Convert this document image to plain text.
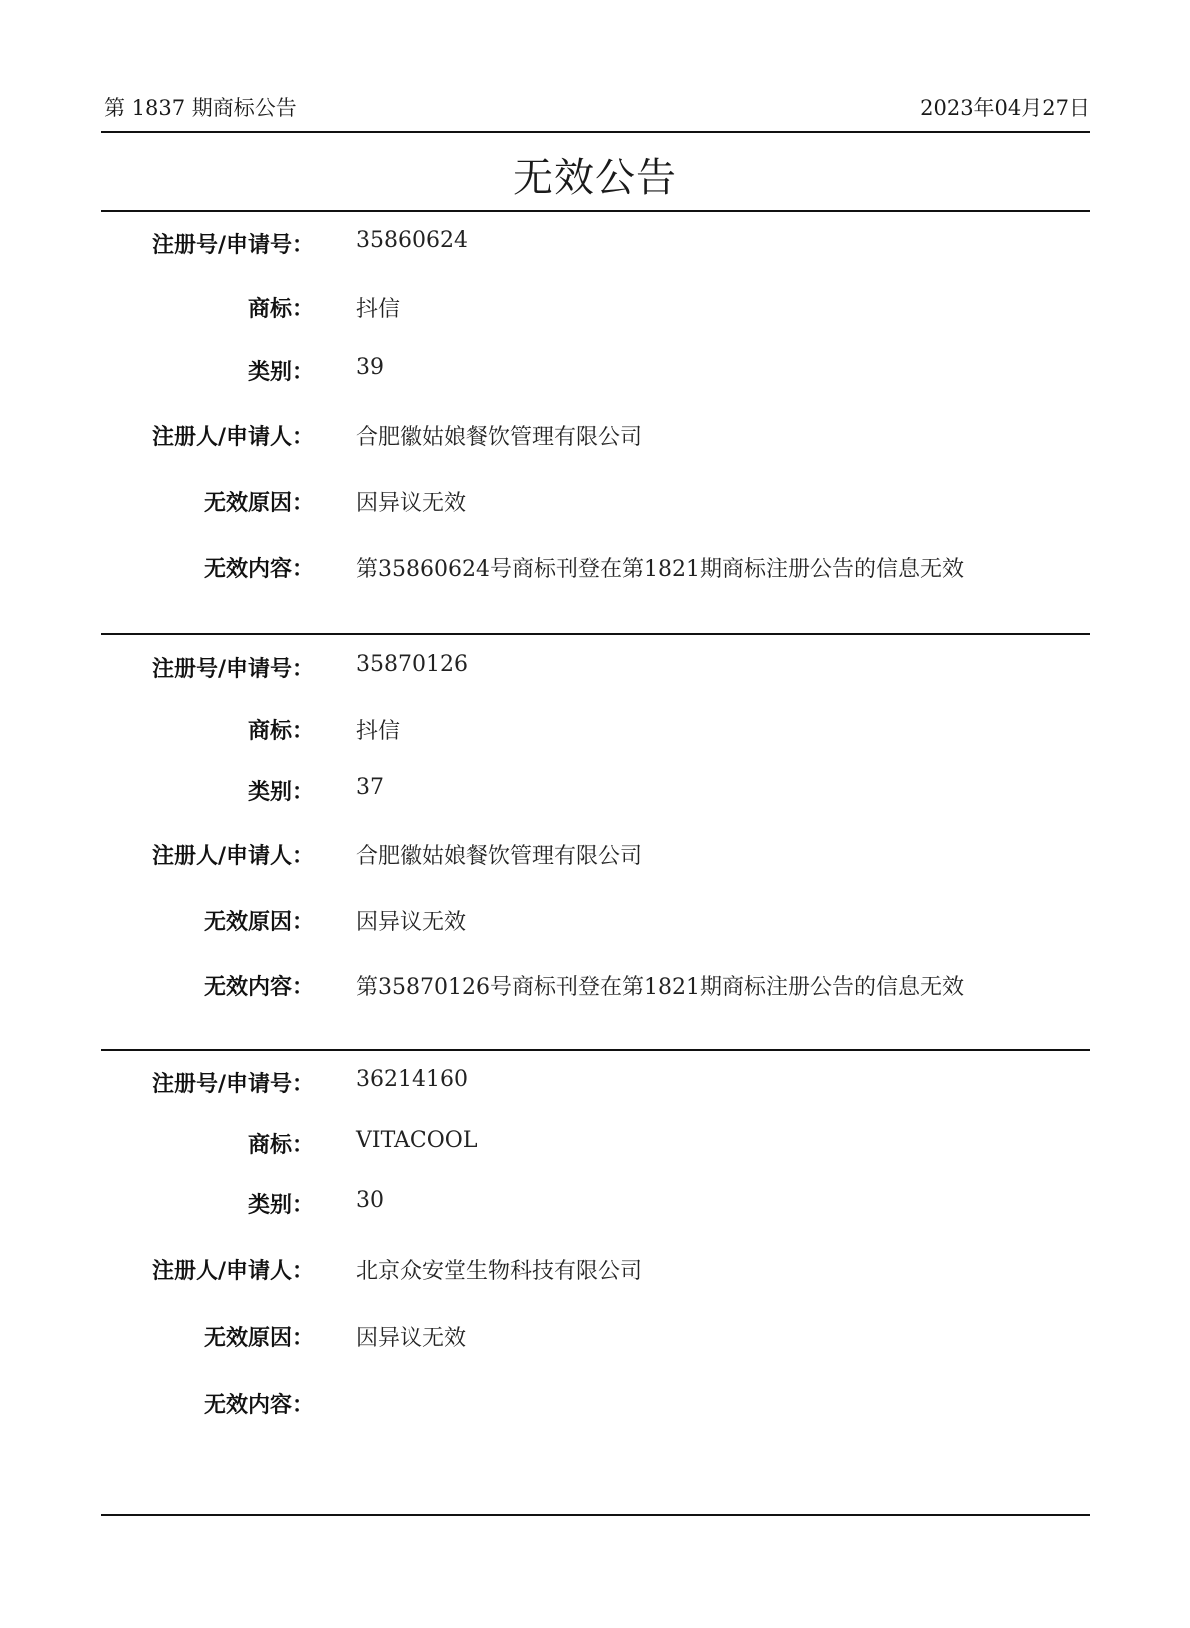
第 1837 期商标公告	2023年04月27日
无效公告
注册号/申请号： 35860624
商标： 抖信
类别： 39
注册人/申请人： 合肥徽姑娘餐饮管理有限公司
无效原因： 因异议无效
无效内容： 第35860624号商标刊登在第1821期商标注册公告的信息无效
注册号/申请号： 35870126
商标： 抖信
类别： 37
注册人/申请人： 合肥徽姑娘餐饮管理有限公司
无效原因： 因异议无效
无效内容： 第35870126号商标刊登在第1821期商标注册公告的信息无效
注册号/申请号： 36214160
商标： VITACOOL
类别： 30
注册人/申请人： 北京众安堂生物科技有限公司
无效原因： 因异议无效
无效内容：
